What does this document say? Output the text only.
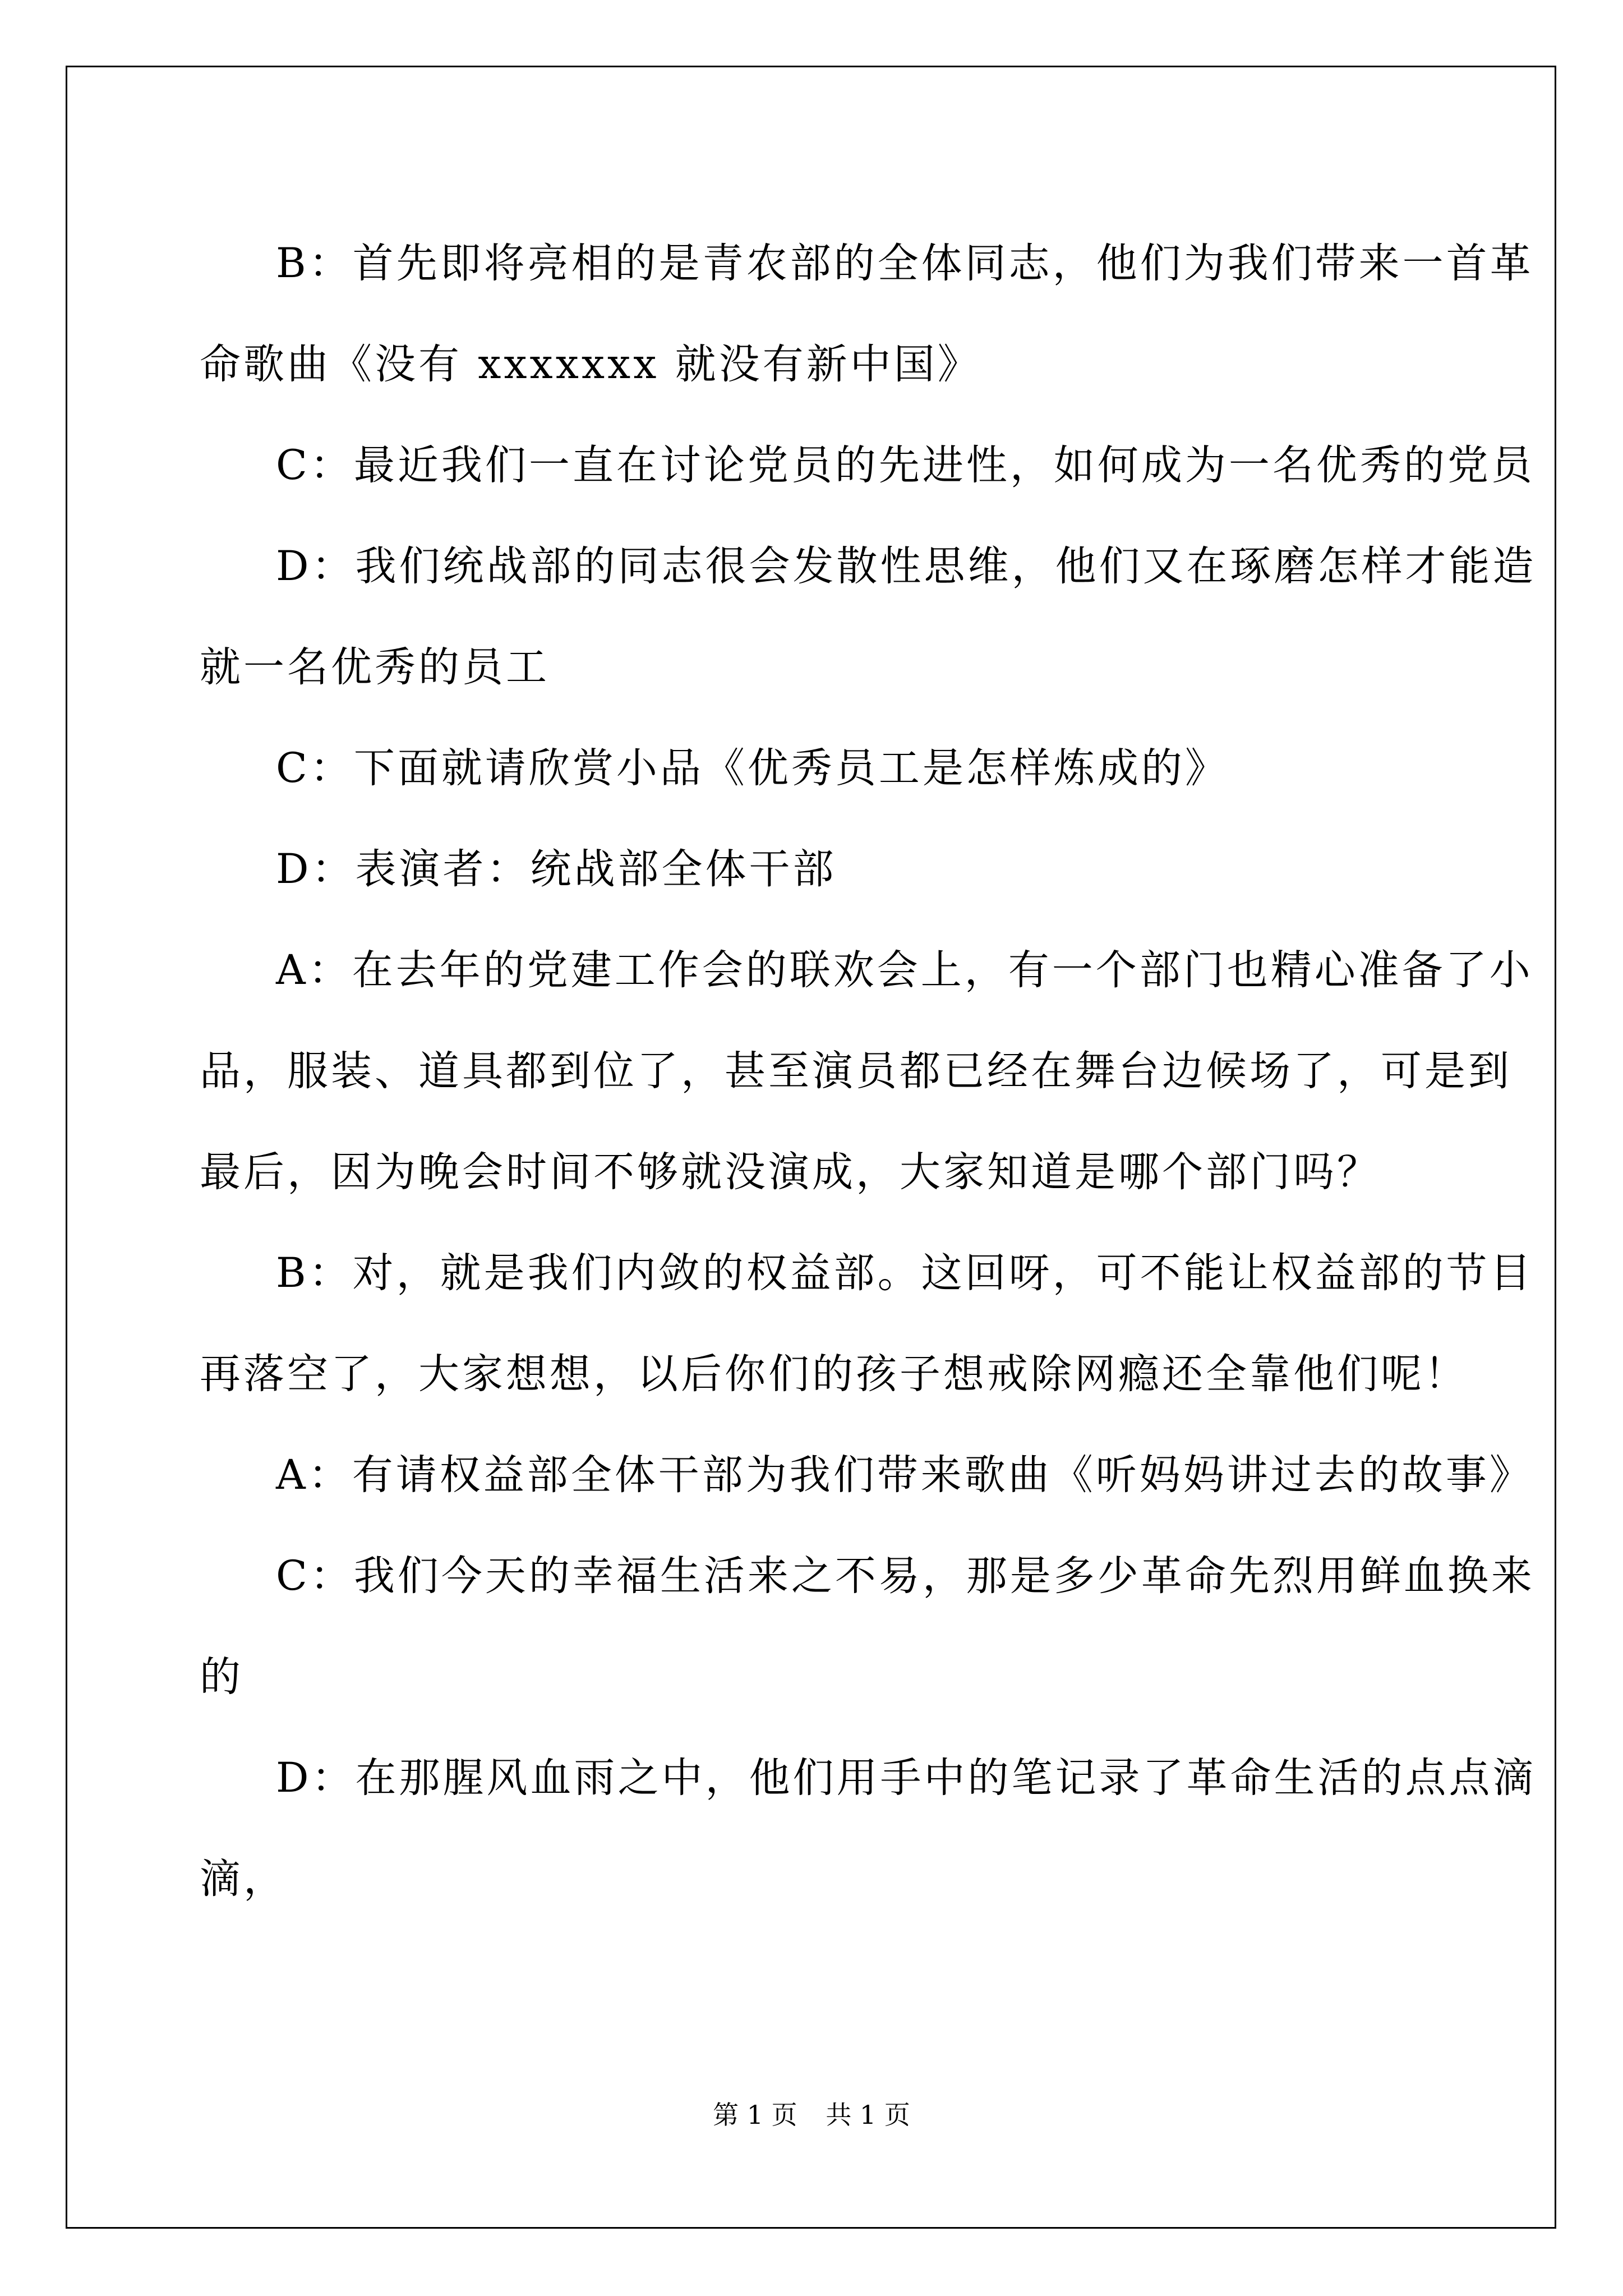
B：首先即将亮相的是青农部的全体同志，他们为我们带来一首革
命歌曲《没有 xxxxxxx 就没有新中国》

C：最近我们一直在讨论党员的先进性，如何成为一名优秀的党员

D：我们统战部的同志很会发散性思维，他们又在琢磨怎样才能造
就一名优秀的员工

C：下面就请欣赏小品《优秀员工是怎样炼成的》

D：表演者：统战部全体干部

A：在去年的党建工作会的联欢会上，有一个部门也精心准备了小
品，服装、道具都到位了，甚至演员都已经在舞台边候场了，可是到
最后，因为晚会时间不够就没演成，大家知道是哪个部门吗？

B：对，就是我们内敛的权益部。这回呀，可不能让权益部的节目
再落空了，大家想想，以后你们的孩子想戒除网瘾还全靠他们呢！

A：有请权益部全体干部为我们带来歌曲《听妈妈讲过去的故事》

C：我们今天的幸福生活来之不易，那是多少革命先烈用鲜血换来
的

D：在那腥风血雨之中，他们用手中的笔记录了革命生活的点点滴
滴，

第 1 页 共 1 页
